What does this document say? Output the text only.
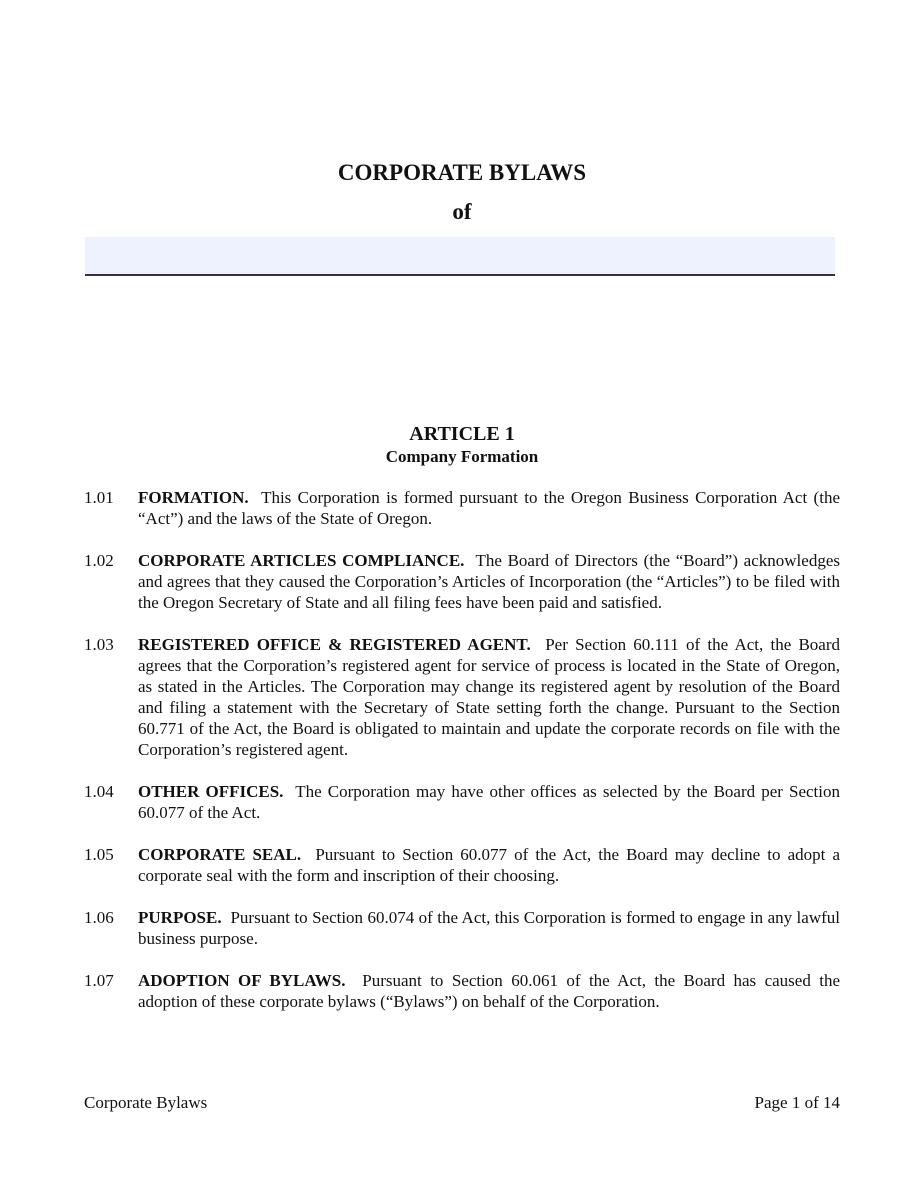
CORPORATE BYLAWS
of
ARTICLE 1
Company Formation
1.01 FORMATION. This Corporation is formed pursuant to the Oregon Business Corporation Act (the “Act”) and the laws of the State of Oregon.
1.02 CORPORATE ARTICLES COMPLIANCE. The Board of Directors (the “Board”) acknowledges and agrees that they caused the Corporation’s Articles of Incorporation (the “Articles”) to be filed with the Oregon Secretary of State and all filing fees have been paid and satisfied.
1.03 REGISTERED OFFICE & REGISTERED AGENT. Per Section 60.111 of the Act, the Board agrees that the Corporation’s registered agent for service of process is located in the State of Oregon, as stated in the Articles. The Corporation may change its registered agent by resolution of the Board and filing a statement with the Secretary of State setting forth the change. Pursuant to the Section 60.771 of the Act, the Board is obligated to maintain and update the corporate records on file with the Corporation’s registered agent.
1.04 OTHER OFFICES. The Corporation may have other offices as selected by the Board per Section 60.077 of the Act.
1.05 CORPORATE SEAL. Pursuant to Section 60.077 of the Act, the Board may decline to adopt a corporate seal with the form and inscription of their choosing.
1.06 PURPOSE. Pursuant to Section 60.074 of the Act, this Corporation is formed to engage in any lawful business purpose.
1.07 ADOPTION OF BYLAWS. Pursuant to Section 60.061 of the Act, the Board has caused the adoption of these corporate bylaws (“Bylaws”) on behalf of the Corporation.
Corporate Bylaws	Page 1 of 14
